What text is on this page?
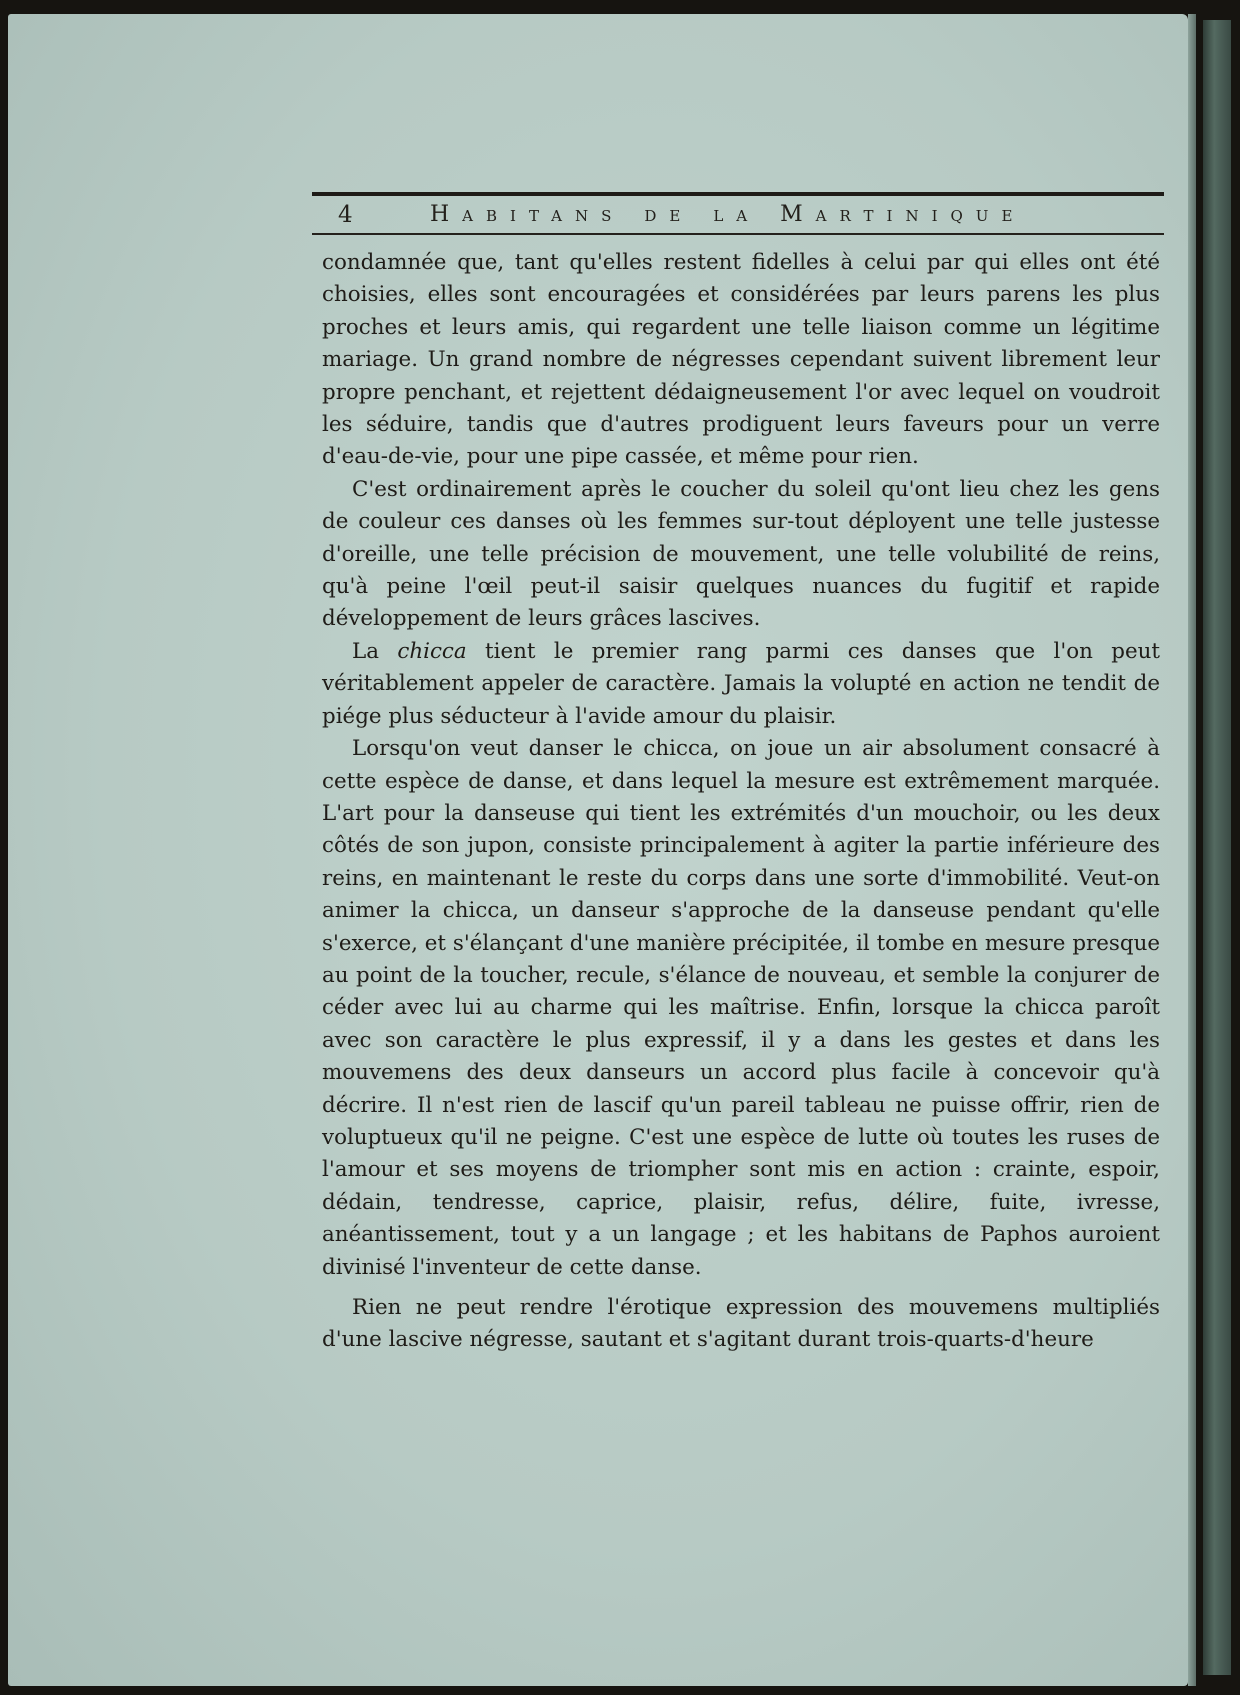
4	Habitans de la Martinique

condamnée que, tant qu'elles restent fidelles à celui par qui elles ont été choisies, elles sont encouragées et considérées par leurs parens les plus proches et leurs amis, qui regardent une telle liaison comme un légitime mariage. Un grand nombre de négresses cependant suivent librement leur propre penchant, et rejettent dédaigneusement l'or avec lequel on voudroit les séduire, tandis que d'autres prodiguent leurs faveurs pour un verre d'eau-de-vie, pour une pipe cassée, et même pour rien.

C'est ordinairement après le coucher du soleil qu'ont lieu chez les gens de couleur ces danses où les femmes sur-tout déployent une telle justesse d'oreille, une telle précision de mouvement, une telle volubilité de reins, qu'à peine l'œil peut-il saisir quelques nuances du fugitif et rapide développement de leurs grâces lascives.

La chicca tient le premier rang parmi ces danses que l'on peut véritablement appeler de caractère. Jamais la volupté en action ne tendit de piége plus séducteur à l'avide amour du plaisir.

Lorsqu'on veut danser le chicca, on joue un air absolument consacré à cette espèce de danse, et dans lequel la mesure est extrêmement marquée. L'art pour la danseuse qui tient les extrémités d'un mouchoir, ou les deux côtés de son jupon, consiste principalement à agiter la partie inférieure des reins, en maintenant le reste du corps dans une sorte d'immobilité. Veut-on animer la chicca, un danseur s'approche de la danseuse pendant qu'elle s'exerce, et s'élançant d'une manière précipitée, il tombe en mesure presque au point de la toucher, recule, s'élance de nouveau, et semble la conjurer de céder avec lui au charme qui les maîtrise. Enfin, lorsque la chicca paroît avec son caractère le plus expressif, il y a dans les gestes et dans les mouvemens des deux danseurs un accord plus facile à concevoir qu'à décrire. Il n'est rien de lascif qu'un pareil tableau ne puisse offrir, rien de voluptueux qu'il ne peigne. C'est une espèce de lutte où toutes les ruses de l'amour et ses moyens de triompher sont mis en action : crainte, espoir, dédain, tendresse, caprice, plaisir, refus, délire, fuite, ivresse, anéantissement, tout y a un langage ; et les habitans de Paphos auroient divinisé l'inventeur de cette danse.

Rien ne peut rendre l'érotique expression des mouvemens multipliés d'une lascive négresse, sautant et s'agitant durant trois-quarts-d'heure
